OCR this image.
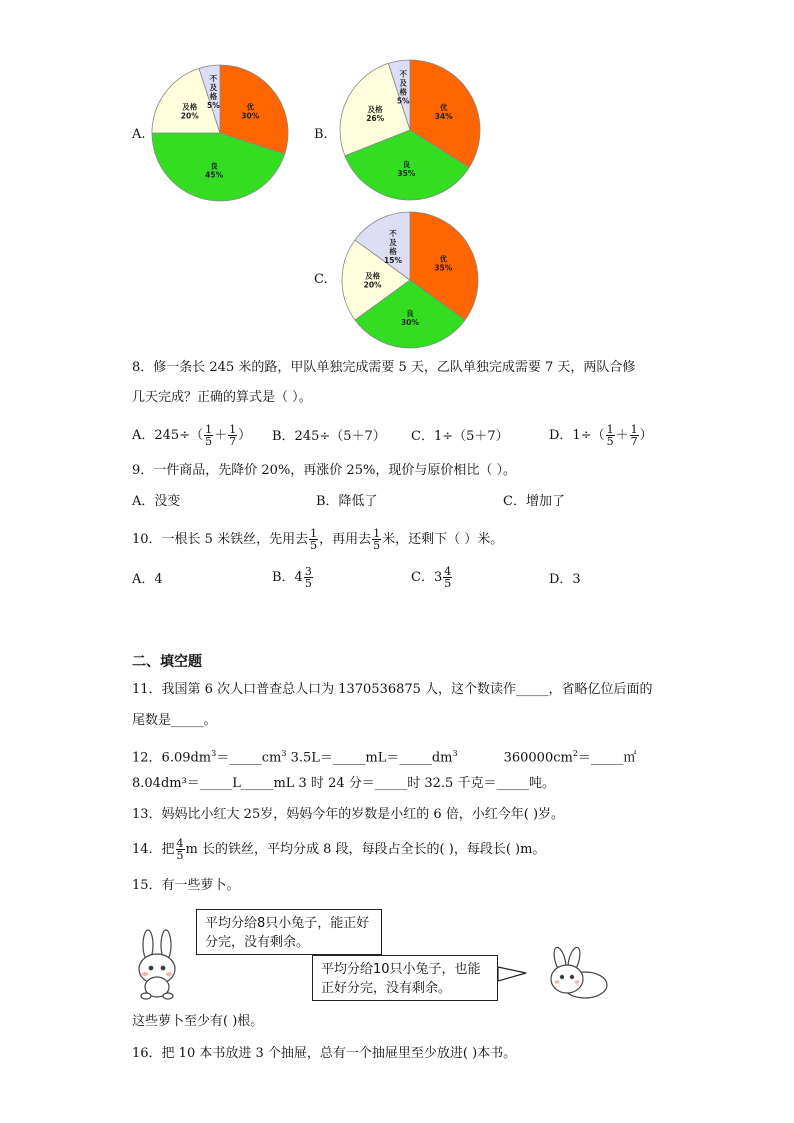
A.	B.
C.
优 30%
良 45%
及格 20%
不及格 5%	优 34%
良 35%
及格 26%
不及格 5%
优 35%
良 30%
及格 20%
不及格 15%
8．修一条长 245 米的路，甲队单独完成需要 5 天，乙队单独完成需要 7 天，两队合修
几天完成？正确的算式是（ ）。
A．$245\div( \frac{1}{5} + \frac{1}{7}$ ） B．245÷（5＋7） C．1÷（5＋7）	D．$1\div( \frac{1}{5} + \frac{1}{7}$ ）
9．一件商品，先降价 20%，再涨价 25%，现价与原价相比（ ）。
A．没变	B．降低了	C．增加了
10．一根长 5 米铁丝，先用去 $\frac{1}{5}$ ，再用去 $\frac{1}{5}$ 米，还剩下（ ）米。
A．4	B．$4 \frac{3}{5}$	C．$3 \frac{4}{5}$	D．3
二、填空题
11．我国第 6 次人口普查总人口为 1370536875 人，这个数读作_____，省略亿位后面的
尾数是_____。
12．$6.09dm^3=\_\_\_\_\_cm^3$ $3.5L=\_\_\_\_\_mL=\_\_\_\_\_dm^3$	$360000cm^2=\_\_\_\_\_㎡$
8.04dm³＝_____L_____mL 3 时 24 分＝_____时 32.5 千克＝_____吨。
13．妈妈比小红大 25岁，妈妈今年的岁数是小红的 6 倍，小红今年( )岁。
14．把 $\frac{4}{5}$ m 长的铁丝，平均分成 8 段，每段占全长的( )，每段长( )m。
15．有一些萝卜。
平均分给8只小兔子，能正好分完，没有剩余。
平均分给10只小兔子，也能正好分完，没有剩余。
这些萝卜至少有( )根。
16．把 10 本书放进 3 个抽屉，总有一个抽屉里至少放进( )本书。
